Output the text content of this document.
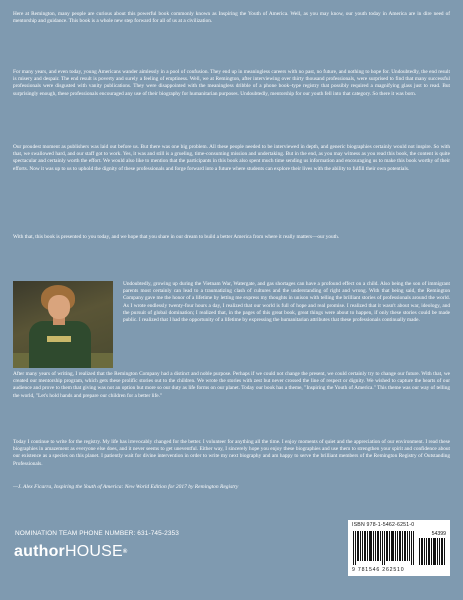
Here at Remington, many people are curious about this powerful book commonly known as Inspiring the Youth of America. Well, as you may know, our youth today in America are in dire need of mentorship and guidance. This book is a whole new step forward for all of us at a civilization.

For many years, and even today, young Americans wander aimlessly in a pool of confusion. They end up in meaningless careers with no past, no future, and nothing to hope for. Undoubtedly, the end result is misery and despair. The end result is poverty and surely a feeling of emptiness. Well, we at Remington, after interviewing over thirty thousand professionals, were surprised to find that many successful professionals were disgusted with vanity publications. They were disappointed with the meaningless dribble of a phone book–type registry that possibly required a magnifying glass just to read. But surprisingly enough, these professionals encouraged any use of their biography for humanitarian purposes. Undoubtedly, mentorship for our youth fell into that category. So there it was born.

Our proudest moment as publishers was laid out before us. But there was one big problem. All these people needed to be interviewed in depth, and generic biographies certainly would not inspire. So with that, we swallowed hard, and our staff got to work. Yes, it was and still is a grueling, time-consuming mission and undertaking. But in the end, as you may witness as you read this book, the content is quite spectacular and certainly worth the effort. We would also like to mention that the participants in this book also spent much time sending us information and encouraging us to make this book worthy of their efforts. Now it was up to us to uphold the dignity of these professionals and forge forward into a future where students can explore their lives with the ability to fulfill their own potentials.

With that, this book is presented to you today, and we hope that you share in our dream to build a better America from where it really matters—our youth.

Undoubtedly, growing up during the Vietnam War, Watergate, and gas shortages can have a profound effect on a child. Also being the son of immigrant parents most certainly can lead to a traumatizing clash of cultures and the understanding of right and wrong. With that being said, the Remington Company gave me the honor of a lifetime by letting me express my thoughts in unison with telling the brilliant stories of professionals around the world. As I wrote endlessly twenty-four hours a day, I realized that our world is full of hope and real promise. I realized that it wasn't about war, ideology, and the pursuit of global domination; I realized that, in the pages of this great book, great things were about to happen, if only these stories could be made public. I realized that I had the opportunity of a lifetime by expressing the humanitarian attributes that these professionals continually made.

After many years of writing, I realized that the Remington Company had a distinct and noble purpose. Perhaps if we could not change the present, we could certainly try to change our future. With that, we created our mentorship program, which gets these prolific stories out to the children. We wrote the stories with zest but never crossed the line of respect or dignity. We wished to capture the hearts of our audience and prove to them that giving was not an option but more so our duty as life forms on our planet. Today our book has a theme, "Inspiring the Youth of America." This theme was our way of telling the world, "Let's hold hands and prepare our children for a better life."

Today I continue to write for the registry. My life has irrevocably changed for the better. I volunteer for anything all the time. I enjoy moments of quiet and the appreciation of our environment. I read these biographies in amazement as everyone else does, and it never seems to get uneventful. Either way, I sincerely hope you enjoy these biographies and use them to strengthen your spirit and confidence about our existence as a species on this planet. I patiently wait for divine intervention in order to write my next biography and am happy to serve the brilliant members of the Remington Registry of Outstanding Professionals.

—J. Alex Ficarra, Inspiring the Youth of America: New World Edition for 2017 by Remington Registry

NOMINATION TEAM PHONE NUMBER: 631-745-2353
authorHOUSE®
ISBN 978-1-5462-6251-0
54399
9 781546 262510
